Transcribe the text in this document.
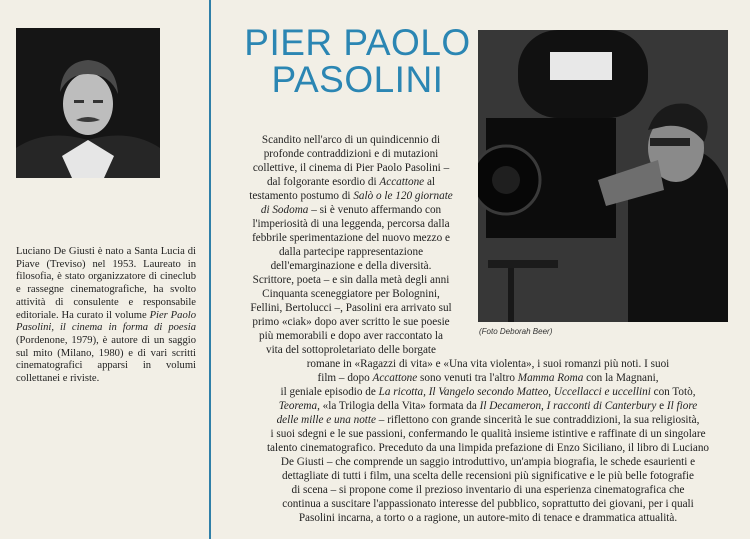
Luciano De Giusti è nato a Santa Lucia di Piave (Treviso) nel 1953. Laureato in filosofia, è stato organizzatore di cineclub e rassegne cinematografiche, ha svolto attività di consulente e responsabile editoriale. Ha curato il volume Pier Paolo Pasolini, il cinema in forma di poesia (Pordenone, 1979), è autore di un saggio sul mito (Milano, 1980) e di vari scritti cinematografici apparsi in volumi collettanei e riviste.

PIER PAOLO
PASOLINI
(Foto Deborah Beer)
Scandito nell'arco di un quindicennio di
profonde contraddizioni e di mutazioni
collettive, il cinema di Pier Paolo Pasolini –
dal folgorante esordio di Accattone al
testamento postumo di Salò o le 120 giornate
di Sodoma – si è venuto affermando con
l'imperiosità di una leggenda, percorsa dalla
febbrile sperimentazione del nuovo mezzo e
dalla partecipe rappresentazione
dell'emarginazione e della diversità.
Scrittore, poeta – e sin dalla metà degli anni
Cinquanta sceneggiatore per Bolognini,
Fellini, Bertolucci –, Pasolini era arrivato sul
primo «ciak» dopo aver scritto le sue poesie
più memorabili e dopo aver raccontato la
vita del sottoproletariato delle borgate
romane in «Ragazzi di vita» e «Una vita violenta», i suoi romanzi più noti. I suoi
film – dopo Accattone sono venuti tra l'altro Mamma Roma con la Magnani,
il geniale episodio de La ricotta, Il Vangelo secondo Matteo, Uccellacci e uccellini con Totò,
Teorema, «la Trilogia della Vita» formata da Il Decameron, I racconti di Canterbury e Il fiore
delle mille e una notte – riflettono con grande sincerità le sue contraddizioni, la sua religiosità,
i suoi sdegni e le sue passioni, confermando le qualità insieme istintive e raffinate di un singolare
talento cinematografico. Preceduto da una limpida prefazione di Enzo Siciliano, il libro di Luciano
De Giusti – che comprende un saggio introduttivo, un'ampia biografia, le schede esaurienti e
dettagliate di tutti i film, una scelta delle recensioni più significative e le più belle fotografie
di scena – si propone come il prezioso inventario di una esperienza cinematografica che
continua a suscitare l'appassionato interesse del pubblico, soprattutto dei giovani, per i quali
Pasolini incarna, a torto o a ragione, un autore-mito di tenace e drammatica attualità.
